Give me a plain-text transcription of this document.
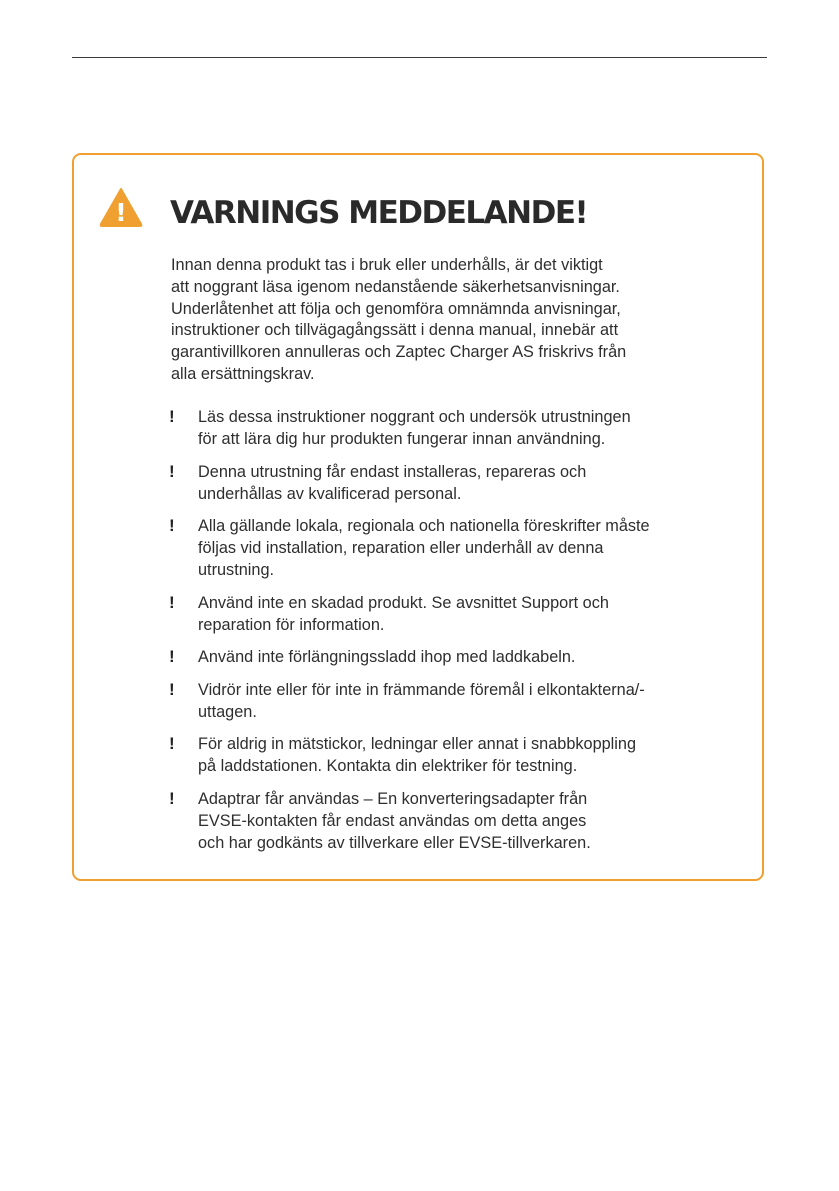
! VARNINGS MEDDELANDE!

Innan denna produkt tas i bruk eller underhålls, är det viktigt
att noggrant läsa igenom nedanstående säkerhetsanvisningar.
Underlåtenhet att följa och genomföra omnämnda anvisningar,
instruktioner och tillvägagångssätt i denna manual, innebär att
garantivillkoren annulleras och Zaptec Charger AS friskrivs från
alla ersättningskrav.

! Läs dessa instruktioner noggrant och undersök utrustningen
för att lära dig hur produkten fungerar innan användning.
! Denna utrustning får endast installeras, repareras och
underhållas av kvalificerad personal.
! Alla gällande lokala, regionala och nationella föreskrifter måste
följas vid installation, reparation eller underhåll av denna
utrustning.
! Använd inte en skadad produkt. Se avsnittet Support och
reparation för information.
! Använd inte förlängningssladd ihop med laddkabeln.
! Vidrör inte eller för inte in främmande föremål i elkontakterna/-
uttagen.
! För aldrig in mätstickor, ledningar eller annat i snabbkoppling
på laddstationen. Kontakta din elektriker för testning.
! Adaptrar får användas – En konverteringsadapter från
EVSE-kontakten får endast användas om detta anges
och har godkänts av tillverkare eller EVSE-tillverkaren.
